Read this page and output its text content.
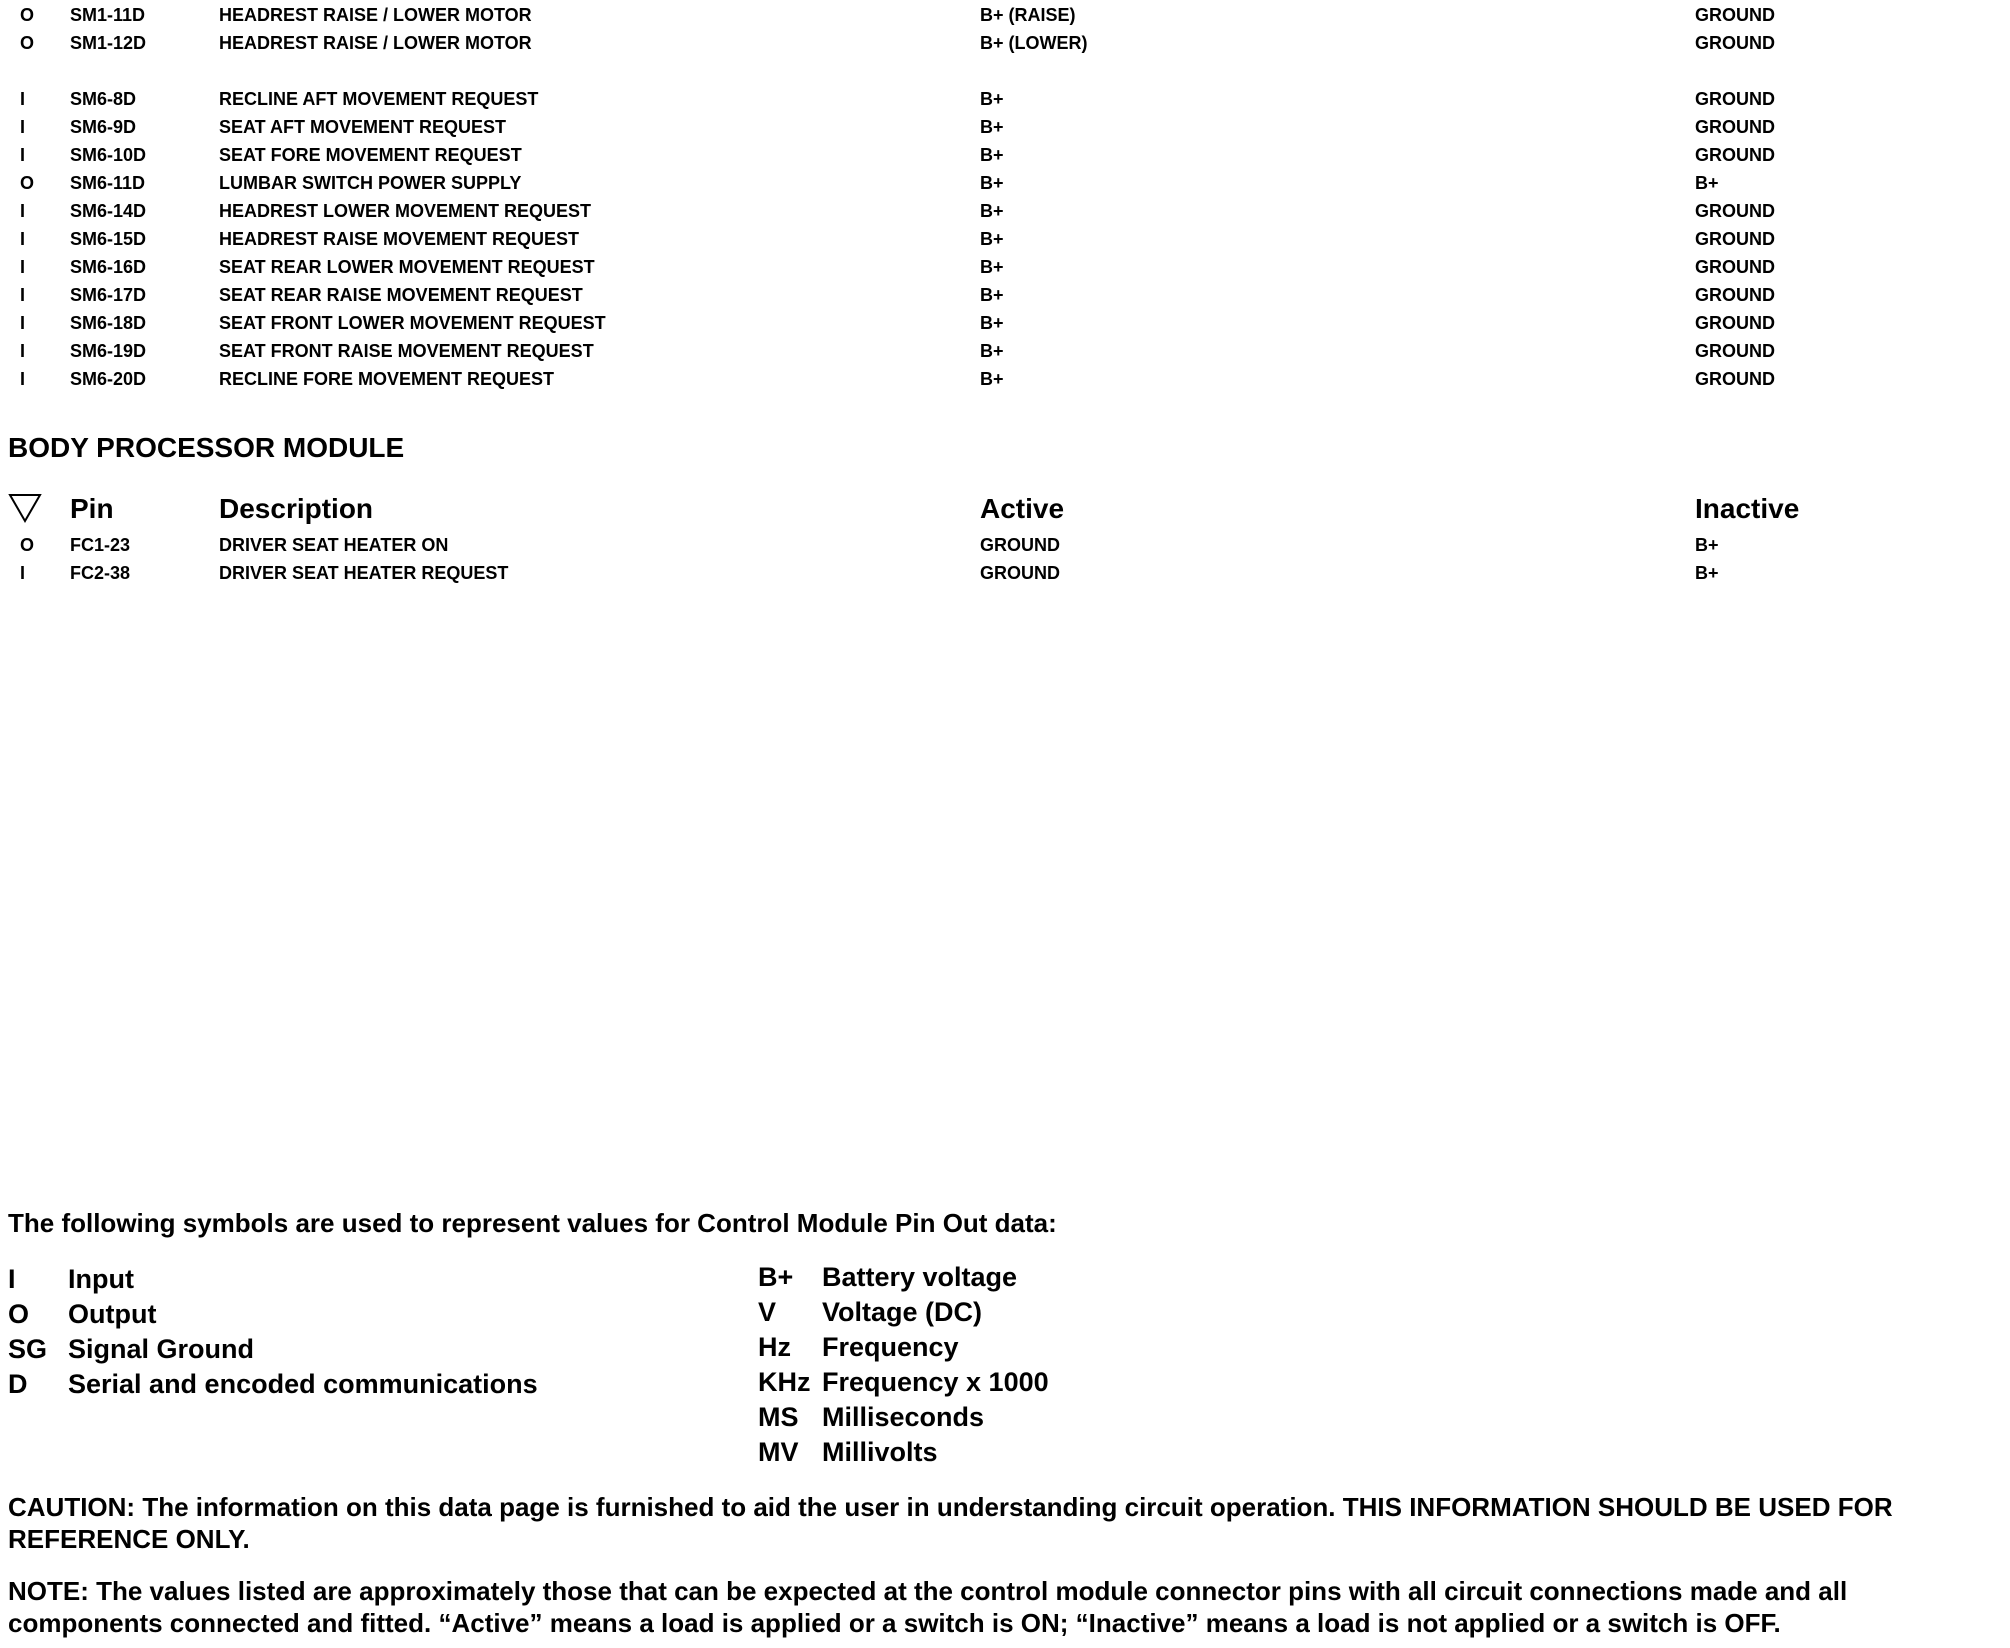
O SM1-11D	HEADREST RAISE / LOWER MOTOR	B+ (RAISE)	GROUND
O SM1-12D	HEADREST RAISE / LOWER MOTOR	B+ (LOWER)	GROUND
I SM6-8D	RECLINE AFT MOVEMENT REQUEST	B+	GROUND
I SM6-9D	SEAT AFT MOVEMENT REQUEST	B+	GROUND
I SM6-10D	SEAT FORE MOVEMENT REQUEST	B+	GROUND
O SM6-11D	LUMBAR SWITCH POWER SUPPLY	B+	B+
I SM6-14D	HEADREST LOWER MOVEMENT REQUEST	B+	GROUND
I SM6-15D	HEADREST RAISE MOVEMENT REQUEST	B+	GROUND
I SM6-16D	SEAT REAR LOWER MOVEMENT REQUEST	B+	GROUND
I SM6-17D	SEAT REAR RAISE MOVEMENT REQUEST	B+	GROUND
I SM6-18D	SEAT FRONT LOWER MOVEMENT REQUEST	B+	GROUND
I SM6-19D	SEAT FRONT RAISE MOVEMENT REQUEST	B+	GROUND
I SM6-20D	RECLINE FORE MOVEMENT REQUEST	B+	GROUND
BODY PROCESSOR MODULE
Pin	Description	Active	Inactive
O FC1-23	DRIVER SEAT HEATER ON	GROUND	B+
I FC2-38	DRIVER SEAT HEATER REQUEST	GROUND	B+
The following symbols are used to represent values for Control Module Pin Out data:
I Input
O Output
SG Signal Ground
D Serial and encoded communications
B+ Battery voltage
V Voltage (DC)
Hz Frequency
KHz Frequency x 1000
MS Milliseconds
MV Millivolts
CAUTION: The information on this data page is furnished to aid the user in understanding circuit operation. THIS INFORMATION SHOULD BE USED FOR REFERENCE ONLY.
NOTE: The values listed are approximately those that can be expected at the control module connector pins with all circuit connections made and all components connected and fitted. “Active” means a load is applied or a switch is ON; “Inactive” means a load is not applied or a switch is OFF.
